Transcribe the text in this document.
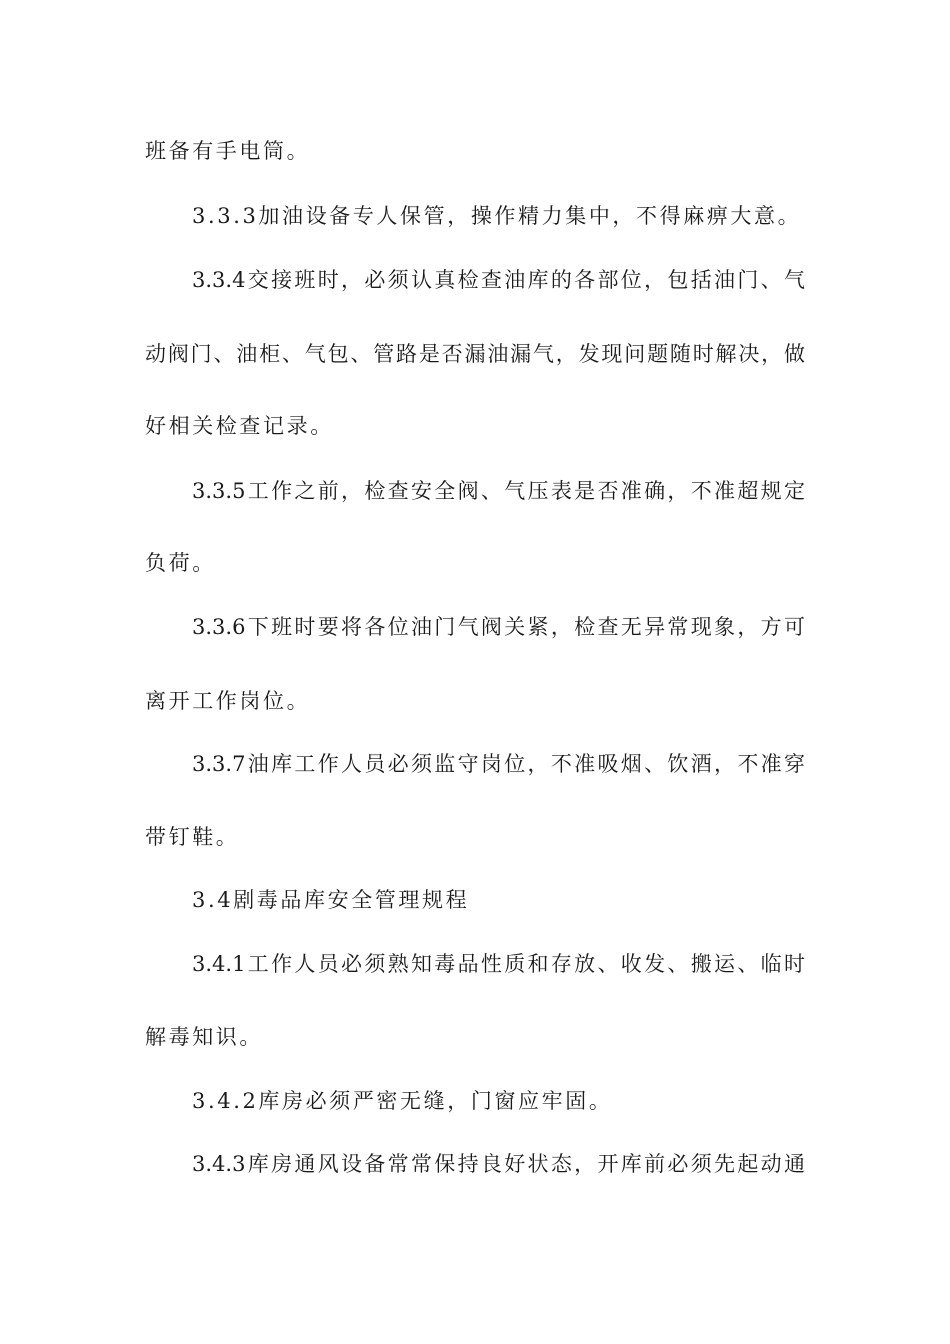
班备有手电筒。
3.3.3加油设备专人保管，操作精力集中，不得麻痹大意。
3.3.4交接班时，必须认真检查油库的各部位，包括油门、气
动阀门、油柜、气包、管路是否漏油漏气，发现问题随时解决，做
好相关检查记录。
3.3.5工作之前，检查安全阀、气压表是否准确，不准超规定
负荷。
3.3.6下班时要将各位油门气阀关紧，检查无异常现象，方可
离开工作岗位。
3.3.7油库工作人员必须监守岗位，不准吸烟、饮酒，不准穿
带钉鞋。
3.4剧毒品库安全管理规程
3.4.1工作人员必须熟知毒品性质和存放、收发、搬运、临时
解毒知识。
3.4.2库房必须严密无缝，门窗应牢固。
3.4.3库房通风设备常常保持良好状态，开库前必须先起动通
